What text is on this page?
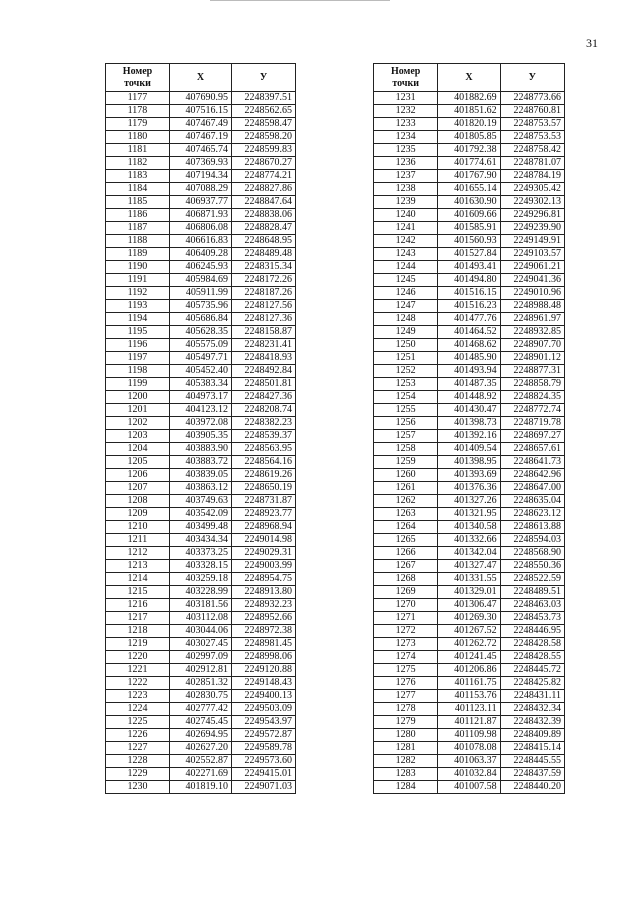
31
Номер
точки	X	У
1177	407690.95	2248397.51
1178	407516.15	2248562.65
1179	407467.49	2248598.47
1180	407467.19	2248598.20
1181	407465.74	2248599.83
1182	407369.93	2248670.27
1183	407194.34	2248774.21
1184	407088.29	2248827.86
1185	406937.77	2248847.64
1186	406871.93	2248838.06
1187	406806.08	2248828.47
1188	406616.83	2248648.95
1189	406409.28	2248489.48
1190	406245.93	2248315.34
1191	405984.69	2248172.26
1192	405911.99	2248187.26
1193	405735.96	2248127.56
1194	405686.84	2248127.36
1195	405628.35	2248158.87
1196	405575.09	2248231.41
1197	405497.71	2248418.93
1198	405452.40	2248492.84
1199	405383.34	2248501.81
1200	404973.17	2248427.36
1201	404123.12	2248208.74
1202	403972.08	2248382.23
1203	403905.35	2248539.37
1204	403883.90	2248563.95
1205	403883.72	2248564.16
1206	403839.05	2248619.26
1207	403863.12	2248650.19
1208	403749.63	2248731.87
1209	403542.09	2248923.77
1210	403499.48	2248968.94
1211	403434.34	2249014.98
1212	403373.25	2249029.31
1213	403328.15	2249003.99
1214	403259.18	2248954.75
1215	403228.99	2248913.80
1216	403181.56	2248932.23
1217	403112.08	2248952.66
1218	403044.06	2248972.38
1219	403027.45	2248981.45
1220	402997.09	2248998.06
1221	402912.81	2249120.88
1222	402851.32	2249148.43
1223	402830.75	2249400.13
1224	402777.42	2249503.09
1225	402745.45	2249543.97
1226	402694.95	2249572.87
1227	402627.20	2249589.78
1228	402552.87	2249573.60
1229	402271.69	2249415.01
1230	401819.10	2249071.03
Номер
точки	X	У
1231	401882.69	2248773.66
1232	401851.62	2248760.81
1233	401820.19	2248753.57
1234	401805.85	2248753.53
1235	401792.38	2248758.42
1236	401774.61	2248781.07
1237	401767.90	2248784.19
1238	401655.14	2249305.42
1239	401630.90	2249302.13
1240	401609.66	2249296.81
1241	401585.91	2249239.90
1242	401560.93	2249149.91
1243	401527.84	2249103.57
1244	401493.41	2249061.21
1245	401494.80	2249041.36
1246	401516.15	2249010.96
1247	401516.23	2248988.48
1248	401477.76	2248961.97
1249	401464.52	2248932.85
1250	401468.62	2248907.70
1251	401485.90	2248901.12
1252	401493.94	2248877.31
1253	401487.35	2248858.79
1254	401448.92	2248824.35
1255	401430.47	2248772.74
1256	401398.73	2248719.78
1257	401392.16	2248697.27
1258	401409.54	2248657.61
1259	401398.95	2248641.73
1260	401393.69	2248642.96
1261	401376.36	2248647.00
1262	401327.26	2248635.04
1263	401321.95	2248623.12
1264	401340.58	2248613.88
1265	401332.66	2248594.03
1266	401342.04	2248568.90
1267	401327.47	2248550.36
1268	401331.55	2248522.59
1269	401329.01	2248489.51
1270	401306.47	2248463.03
1271	401269.30	2248453.73
1272	401267.52	2248446.95
1273	401262.72	2248428.58
1274	401241.45	2248428.55
1275	401206.86	2248445.72
1276	401161.75	2248425.82
1277	401153.76	2248431.11
1278	401123.11	2248432.34
1279	401121.87	2248432.39
1280	401109.98	2248409.89
1281	401078.08	2248415.14
1282	401063.37	2248445.55
1283	401032.84	2248437.59
1284	401007.58	2248440.20
